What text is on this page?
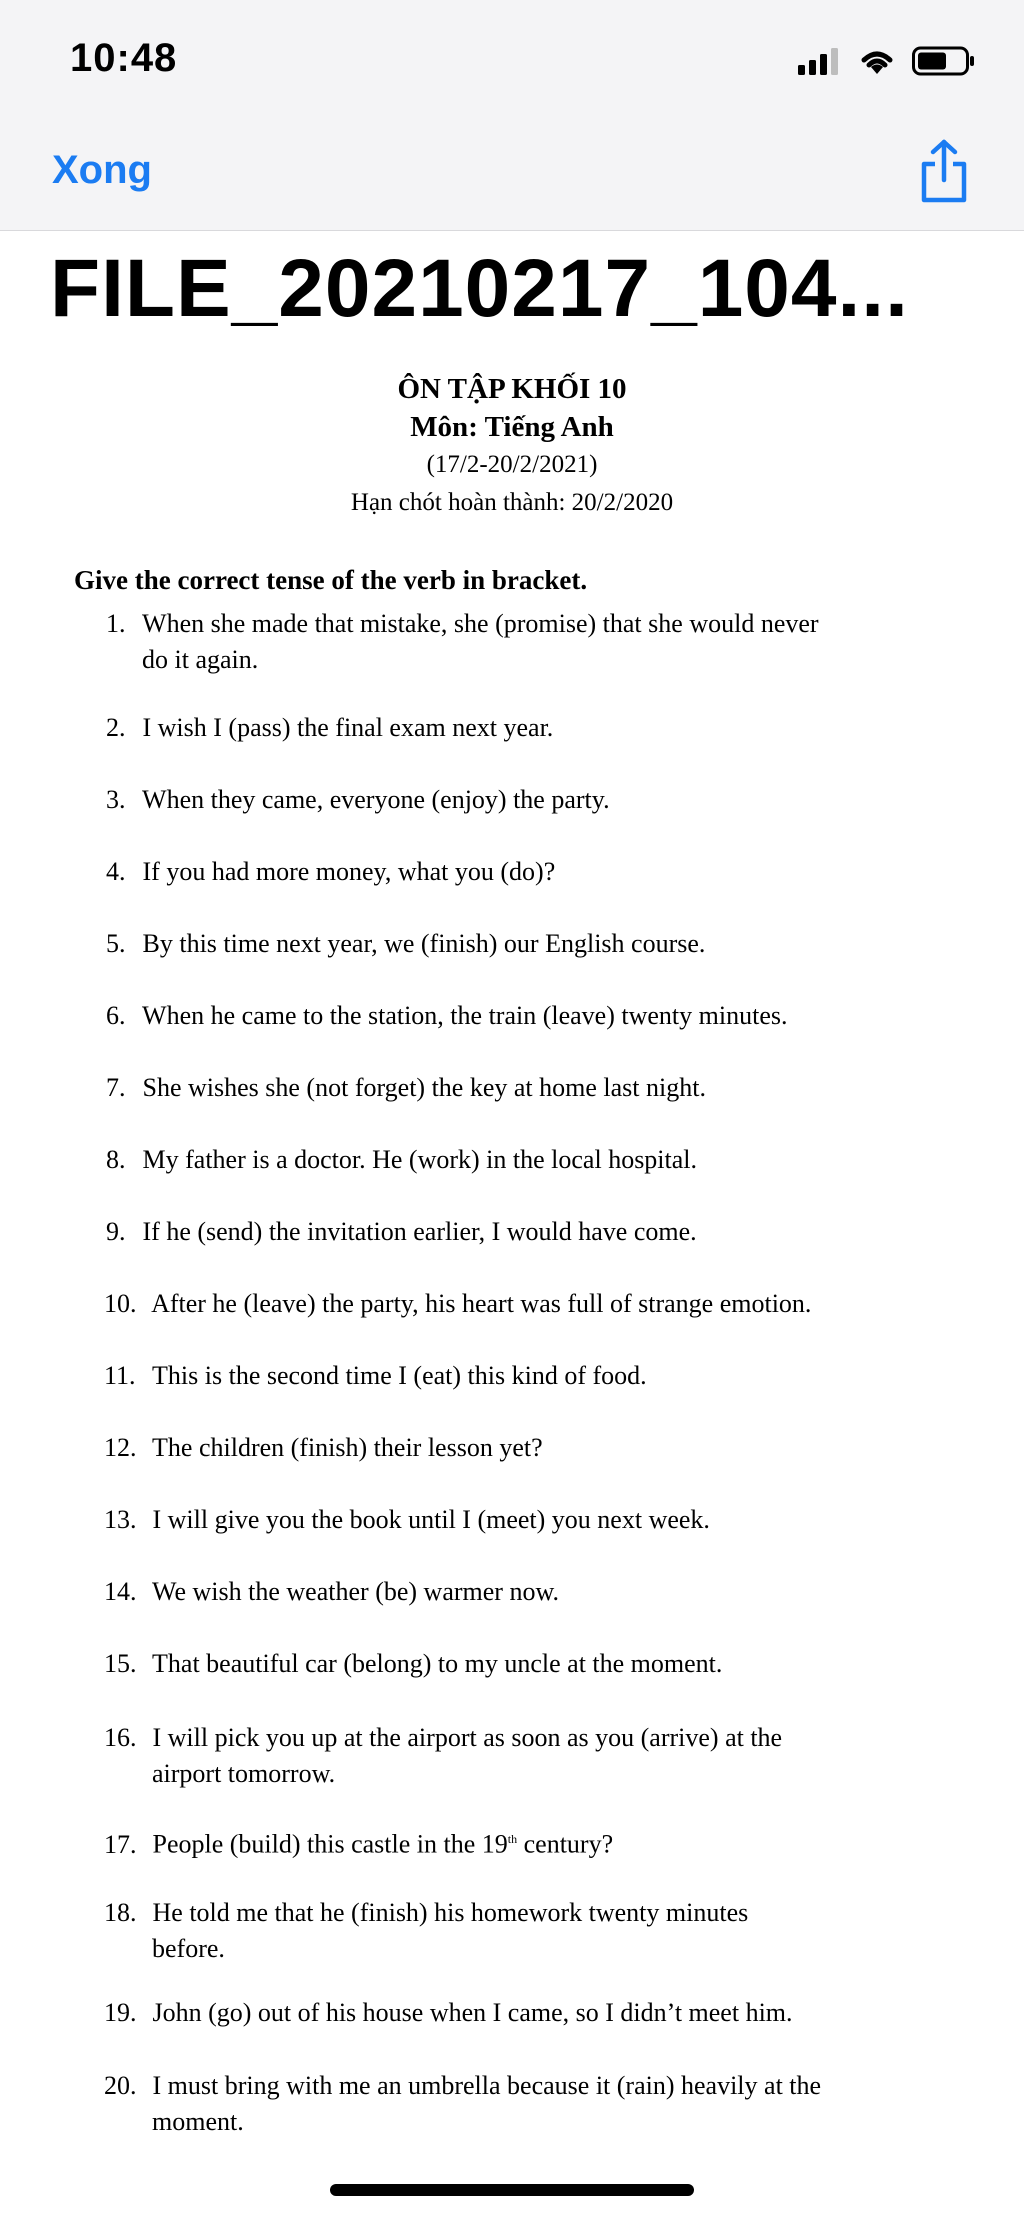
10:48
Xong
FILE_20210217_104...
ÔN TẬP KHỐI 10
Môn: Tiếng Anh
(17/2-20/2/2021)
Hạn chót hoàn thành: 20/2/2020
Give the correct tense of the verb in bracket.
1. When she made that mistake, she (promise) that she would never
do it again.
2. I wish I (pass) the final exam next year.
3. When they came, everyone (enjoy) the party.
4. If you had more money, what you (do)?
5. By this time next year, we (finish) our English course.
6. When he came to the station, the train (leave) twenty minutes.
7. She wishes she (not forget) the key at home last night.
8. My father is a doctor. He (work) in the local hospital.
9. If he (send) the invitation earlier, I would have come.
10. After he (leave) the party, his heart was full of strange emotion.
11. This is the second time I (eat) this kind of food.
12. The children (finish) their lesson yet?
13. I will give you the book until I (meet) you next week.
14. We wish the weather (be) warmer now.
15. That beautiful car (belong) to my uncle at the moment.
16. I will pick you up at the airport as soon as you (arrive) at the
airport tomorrow.
17. People (build) this castle in the 19th century?
18. He told me that he (finish) his homework twenty minutes
before.
19. John (go) out of his house when I came, so I didn’t meet him.
20. I must bring with me an umbrella because it (rain) heavily at the
moment.
